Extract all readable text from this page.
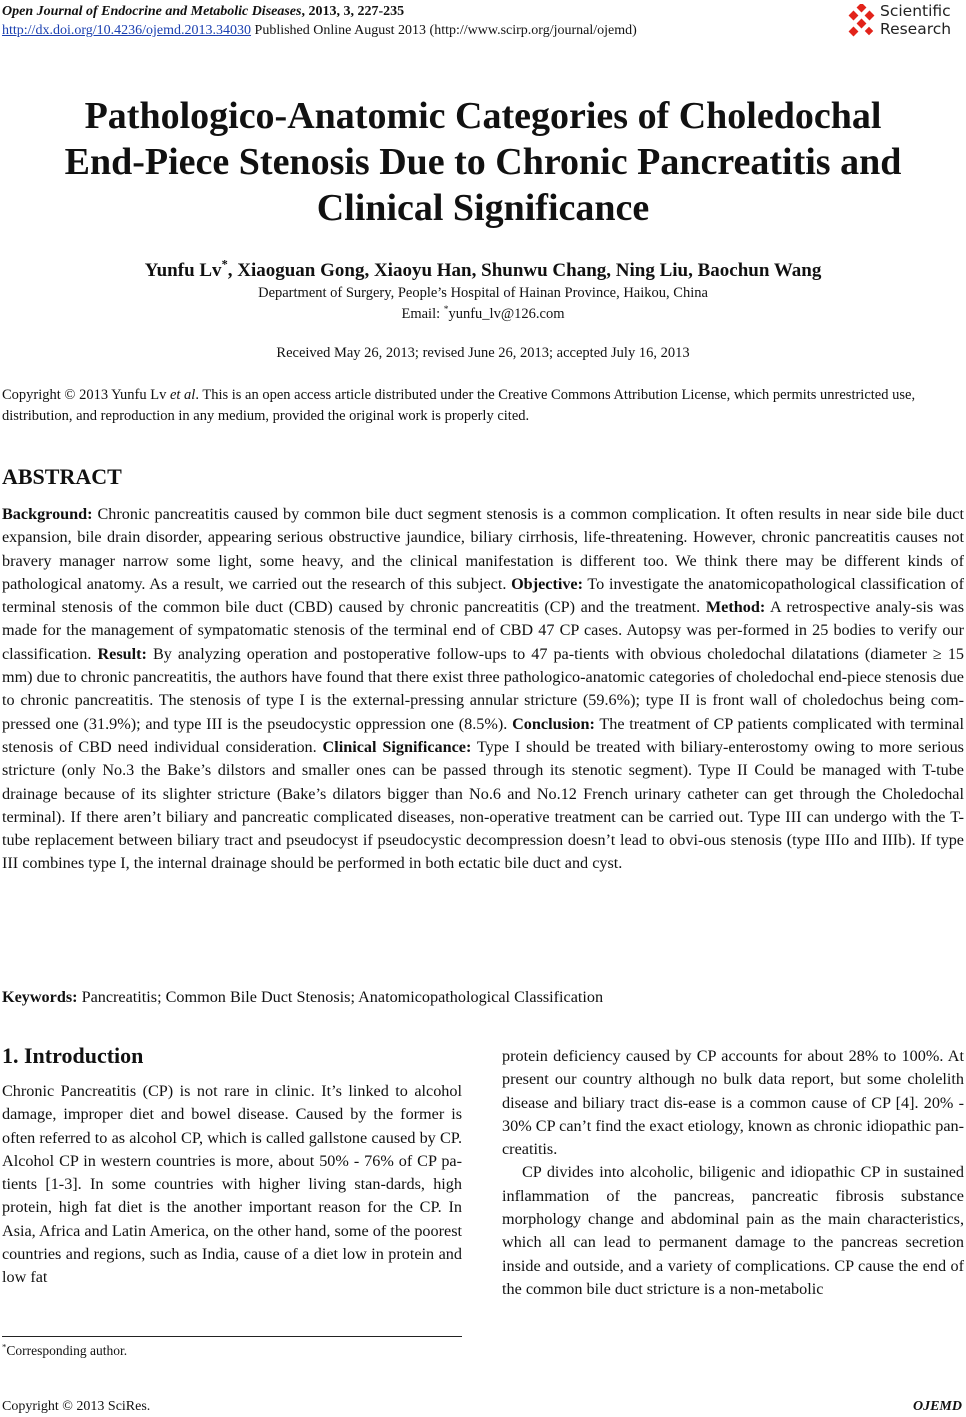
Open Journal of Endocrine and Metabolic Diseases, 2013, 3, 227-235
http://dx.doi.org/10.4236/ojemd.2013.34030 Published Online August 2013 (http://www.scirp.org/journal/ojemd)
Scientific
Research
Pathologico-Anatomic Categories of Choledochal
End-Piece Stenosis Due to Chronic Pancreatitis and
Clinical Significance
Yunfu Lv*, Xiaoguan Gong, Xiaoyu Han, Shunwu Chang, Ning Liu, Baochun Wang
Department of Surgery, People’s Hospital of Hainan Province, Haikou, China
Email: *yunfu_lv@126.com
Received May 26, 2013; revised June 26, 2013; accepted July 16, 2013
Copyright © 2013 Yunfu Lv et al. This is an open access article distributed under the Creative Commons Attribution License, which permits unrestricted use, distribution, and reproduction in any medium, provided the original work is properly cited.
ABSTRACT
Background: Chronic pancreatitis caused by common bile duct segment stenosis is a common complication. It often results in near side bile duct expansion, bile drain disorder, appearing serious obstructive jaundice, biliary cirrhosis, life-threatening. However, chronic pancreatitis causes not bravery manager narrow some light, some heavy, and the clinical manifestation is different too. We think there may be different kinds of pathological anatomy. As a result, we carried out the research of this subject. Objective: To investigate the anatomicopathological classification of terminal stenosis of the common bile duct (CBD) caused by chronic pancreatitis (CP) and the treatment. Method: A retrospective analy-sis was made for the management of sympatomatic stenosis of the terminal end of CBD 47 CP cases. Autopsy was per-formed in 25 bodies to verify our classification. Result: By analyzing operation and postoperative follow-ups to 47 pa-tients with obvious choledochal dilatations (diameter ≥ 15 mm) due to chronic pancreatitis, the authors have found that there exist three pathologico-anatomic categories of choledochal end-piece stenosis due to chronic pancreatitis. The stenosis of type I is the external-pressing annular stricture (59.6%); type II is front wall of choledochus being com-pressed one (31.9%); and type III is the pseudocystic oppression one (8.5%). Conclusion: The treatment of CP patients complicated with terminal stenosis of CBD need individual consideration. Clinical Significance: Type I should be treated with biliary-enterostomy owing to more serious stricture (only No.3 the Bake’s dilstors and smaller ones can be passed through its stenotic segment). Type II Could be managed with T-tube drainage because of its slighter stricture (Bake’s dilators bigger than No.6 and No.12 French urinary catheter can get through the Choledochal terminal). If there aren’t biliary and pancreatic complicated diseases, non-operative treatment can be carried out. Type III can undergo with the T-tube replacement between biliary tract and pseudocyst if pseudocystic decompression doesn’t lead to obvi-ous stenosis (type IIIo and IIIb). If type III combines type I, the internal drainage should be performed in both ectatic bile duct and cyst.
Keywords: Pancreatitis; Common Bile Duct Stenosis; Anatomicopathological Classification
1. Introduction
Chronic Pancreatitis (CP) is not rare in clinic. It’s linked to alcohol damage, improper diet and bowel disease. Caused by the former is often referred to as alcohol CP, which is called gallstone caused by CP. Alcohol CP in western countries is more, about 50% - 76% of CP pa-tients [1-3]. In some countries with higher living stan-dards, high protein, high fat diet is the another important reason for the CP. In Asia, Africa and Latin America, on the other hand, some of the poorest countries and regions, such as India, cause of a diet low in protein and low fat

protein deficiency caused by CP accounts for about 28% to 100%. At present our country although no bulk data report, but some cholelith disease and biliary tract dis-ease is a common cause of CP [4]. 20% - 30% CP can’t find the exact etiology, known as chronic idiopathic pan-creatitis.

CP divides into alcoholic, biligenic and idiopathic CP in sustained inflammation of the pancreas, pancreatic fibrosis substance morphology change and abdominal pain as the main characteristics, which all can lead to permanent damage to the pancreas secretion inside and outside, and a variety of complications. CP cause the end of the common bile duct stricture is a non-metabolic

*Corresponding author.
Copyright © 2013 SciRes.	OJEMD
